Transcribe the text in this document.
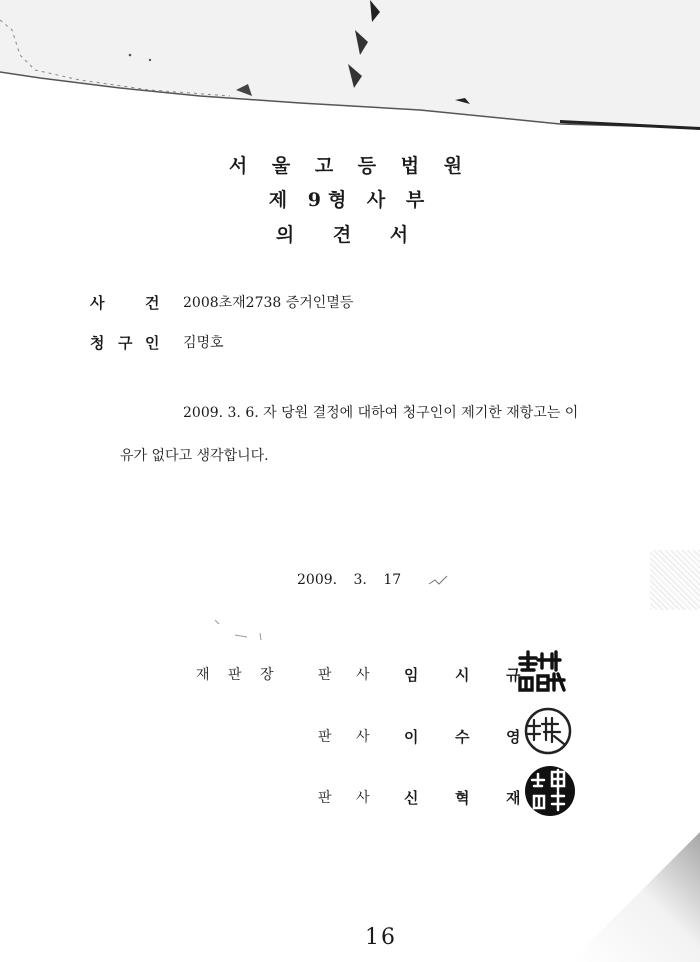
서 울 고 등 법 원
제 9형 사 부
의 견 서
사	건 2008초재2738 증거인멸등
청 구 인 김명호
2009. 3. 6. 자 당원 결정에 대하여 청구인이 제기한 재항고는 이
유가 없다고 생각합니다.
2009. 3. 17
재 판 장	판 사 임 시 규
판 사 이 수 영
판 사 신 혁 재
16
